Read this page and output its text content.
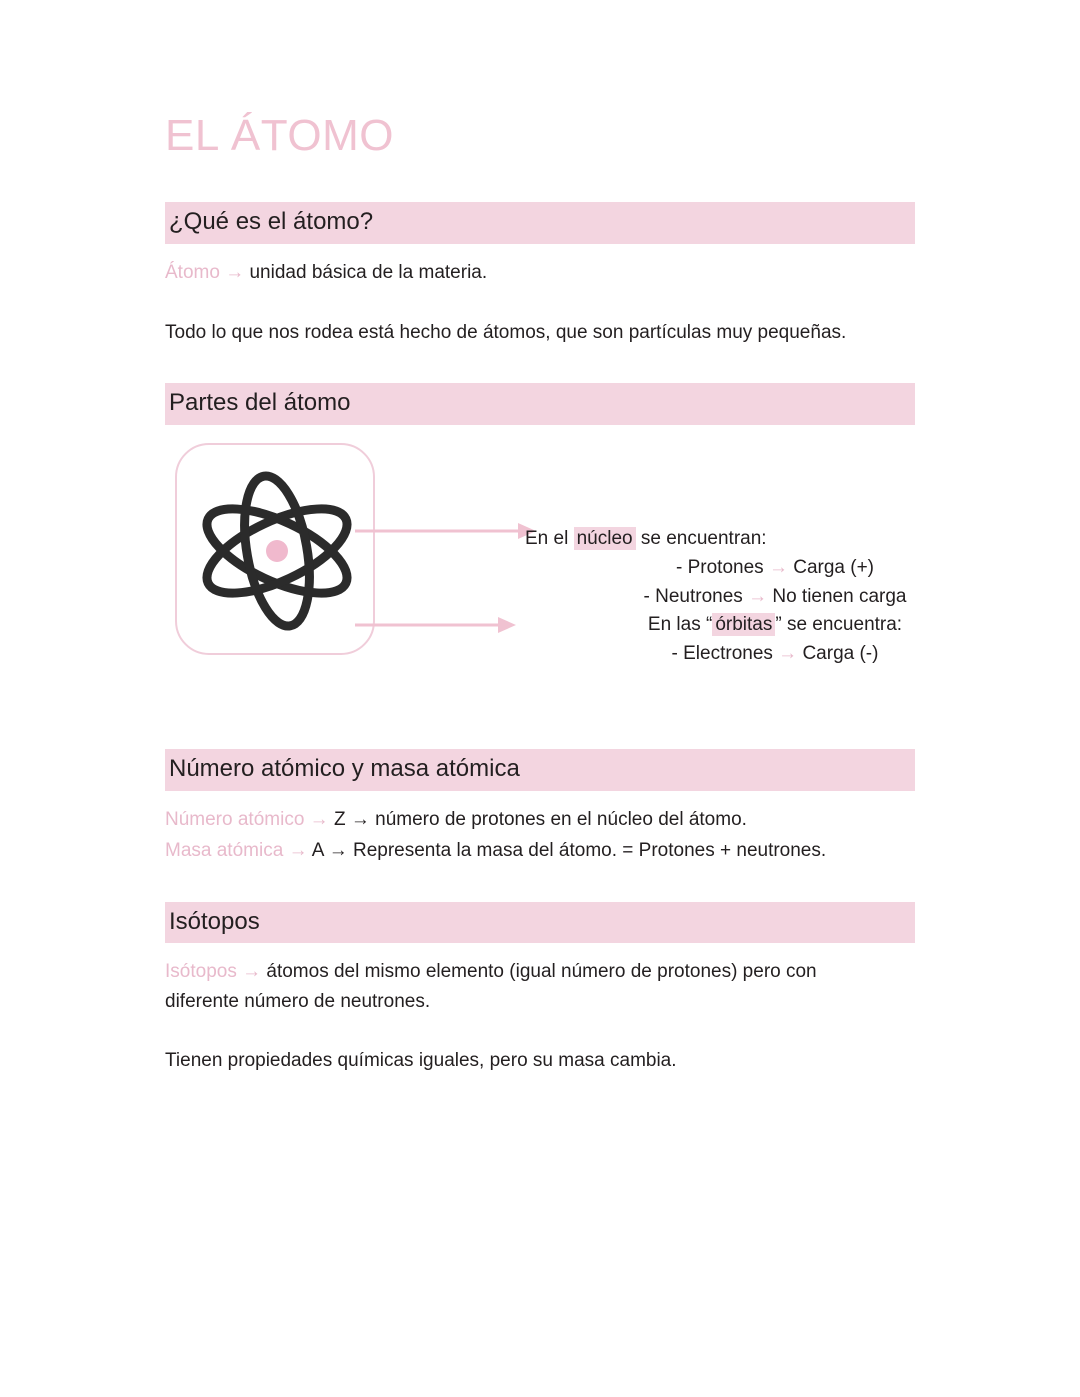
EL ÁTOMO
¿Qué es el átomo?

Átomo → unidad básica de la materia.

Todo lo que nos rodea está hecho de átomos, que son partículas muy pequeñas.

Partes del átomo
En el núcleo se encuentran:
- Protones → Carga (+)
- Neutrones → No tienen carga
En las “ órbitas ” se encuentra:
- Electrones → Carga (-)
Número atómico y masa atómica

Número atómico → Z → número de protones en el núcleo del átomo.

Masa atómica → A → Representa la masa del átomo. = Protones + neutrones.

Isótopos

Isótopos → átomos del mismo elemento (igual número de protones) pero con diferente número de neutrones.

Tienen propiedades químicas iguales, pero su masa cambia.
